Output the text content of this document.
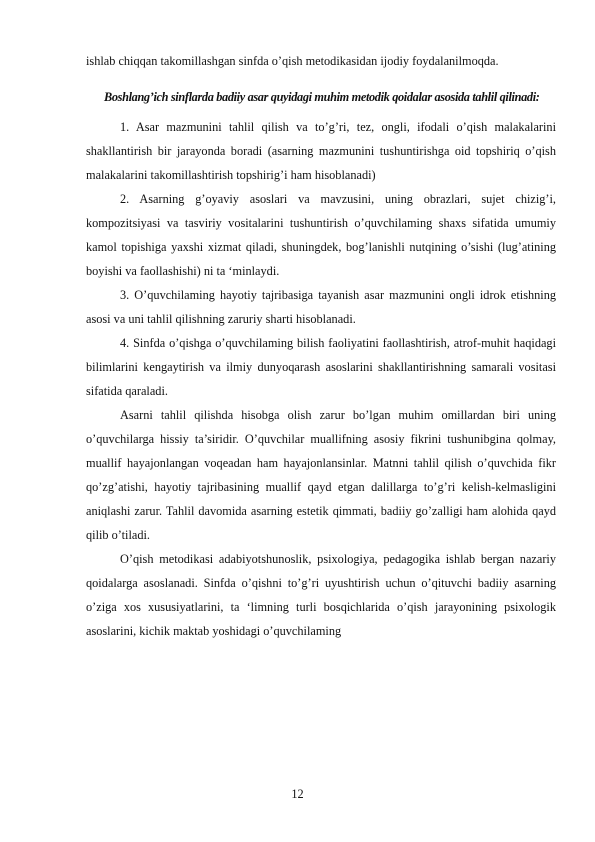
ishlab chiqqan takomillashgan sinfda o’qish metodikasidan ijodiy foydalanilmoqda.

Boshlang’ich sinflarda badiiy asar quyidagi muhim metodik qoidalar asosida tahlil qilinadi:

1. Asar mazmunini tahlil qilish va to’g’ri, tez, ongli, ifodali o’qish malakalarini shakllantirish bir jarayonda boradi (asarning mazmunini tushuntirishga oid topshiriq o’qish malakalarini takomillashtirish topshirig’i ham hisoblanadi)

2. Asarning g’oyaviy asoslari va mavzusini, uning obrazlari, sujet chizig’i, kompozitsiyasi va tasviriy vositalarini tushuntirish o’quvchilaming shaxs sifatida umumiy kamol topishiga yaxshi xizmat qiladi, shuningdek, bog’lanishli nutqining o’sishi (lug’atining boyishi va faollashishi) ni ta ‘minlaydi.

3. O’quvchilaming hayotiy tajribasiga tayanish asar mazmunini ongli idrok etishning asosi va uni tahlil qilishning zaruriy sharti hisoblanadi.

4. Sinfda o’qishga o’quvchilaming bilish faoliyatini faollashtirish, atrof-muhit haqidagi bilimlarini kengaytirish va ilmiy dunyoqarash asoslarini shakllantirishning samarali vositasi sifatida qaraladi.

Asarni tahlil qilishda hisobga olish zarur bo’lgan muhim omillardan biri uning o’quvchilarga hissiy ta’siridir. O’quvchilar muallifning asosiy fikrini tushunibgina qolmay, muallif hayajonlangan voqeadan ham hayajonlansinlar. Matnni tahlil qilish o’quvchida fikr qo’zg’atishi, hayotiy tajribasining muallif qayd etgan dalillarga to’g’ri kelish-kelmasligini aniqlashi zarur. Tahlil davomida asarning estetik qimmati, badiiy go’zalligi ham alohida qayd qilib o’tiladi.

O’qish metodikasi adabiyotshunoslik, psixologiya, pedagogika ishlab bergan nazariy qoidalarga asoslanadi. Sinfda o’qishni to’g’ri uyushtirish uchun o’qituvchi badiiy asarning o’ziga xos xususiyatlarini, ta ‘limning turli bosqichlarida o’qish jarayonining psixologik asoslarini, kichik maktab yoshidagi o’quvchilaming

12
